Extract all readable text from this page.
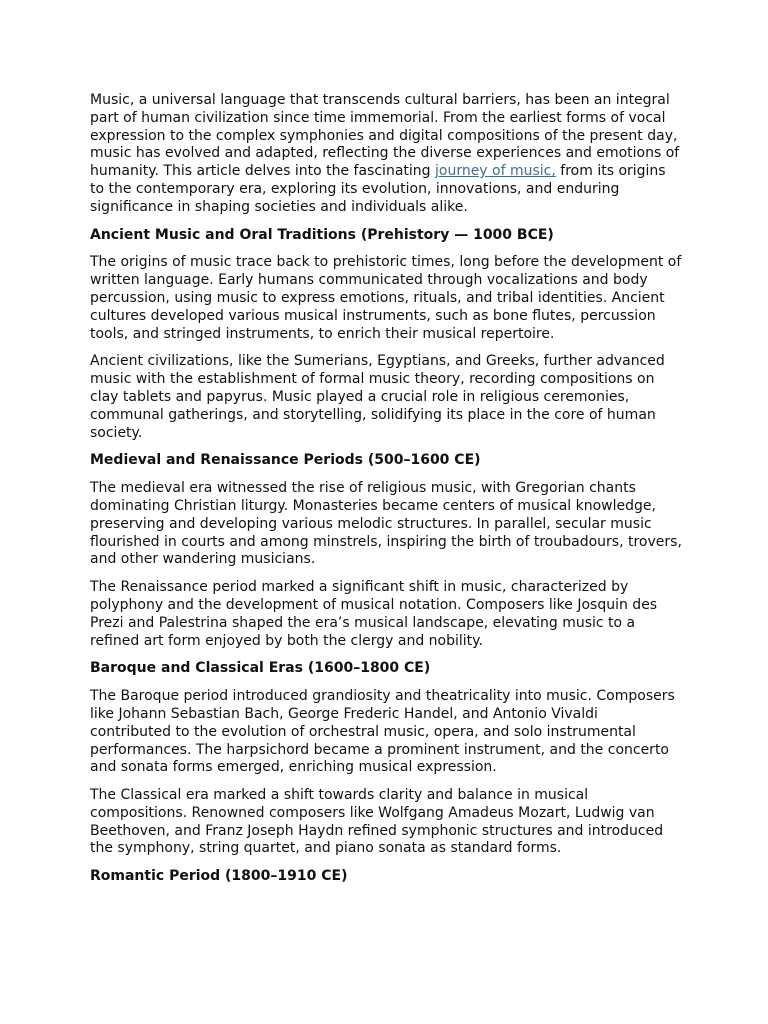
Music, a universal language that transcends cultural barriers, has been an integral part of human civilization since time immemorial. From the earliest forms of vocal expression to the complex symphonies and digital compositions of the present day, music has evolved and adapted, reflecting the diverse experiences and emotions of humanity. This article delves into the fascinating journey of music, from its origins to the contemporary era, exploring its evolution, innovations, and enduring significance in shaping societies and individuals alike.

Ancient Music and Oral Traditions (Prehistory — 1000 BCE)

The origins of music trace back to prehistoric times, long before the development of written language. Early humans communicated through vocalizations and body percussion, using music to express emotions, rituals, and tribal identities. Ancient cultures developed various musical instruments, such as bone flutes, percussion tools, and stringed instruments, to enrich their musical repertoire.

Ancient civilizations, like the Sumerians, Egyptians, and Greeks, further advanced music with the establishment of formal music theory, recording compositions on clay tablets and papyrus. Music played a crucial role in religious ceremonies, communal gatherings, and storytelling, solidifying its place in the core of human society.

Medieval and Renaissance Periods (500–1600 CE)

The medieval era witnessed the rise of religious music, with Gregorian chants dominating Christian liturgy. Monasteries became centers of musical knowledge, preserving and developing various melodic structures. In parallel, secular music flourished in courts and among minstrels, inspiring the birth of troubadours, trovers, and other wandering musicians.

The Renaissance period marked a significant shift in music, characterized by polyphony and the development of musical notation. Composers like Josquin des Prezi and Palestrina shaped the era’s musical landscape, elevating music to a refined art form enjoyed by both the clergy and nobility.

Baroque and Classical Eras (1600–1800 CE)

The Baroque period introduced grandiosity and theatricality into music. Composers like Johann Sebastian Bach, George Frederic Handel, and Antonio Vivaldi contributed to the evolution of orchestral music, opera, and solo instrumental performances. The harpsichord became a prominent instrument, and the concerto and sonata forms emerged, enriching musical expression.

The Classical era marked a shift towards clarity and balance in musical compositions. Renowned composers like Wolfgang Amadeus Mozart, Ludwig van Beethoven, and Franz Joseph Haydn refined symphonic structures and introduced the symphony, string quartet, and piano sonata as standard forms.

Romantic Period (1800–1910 CE)
